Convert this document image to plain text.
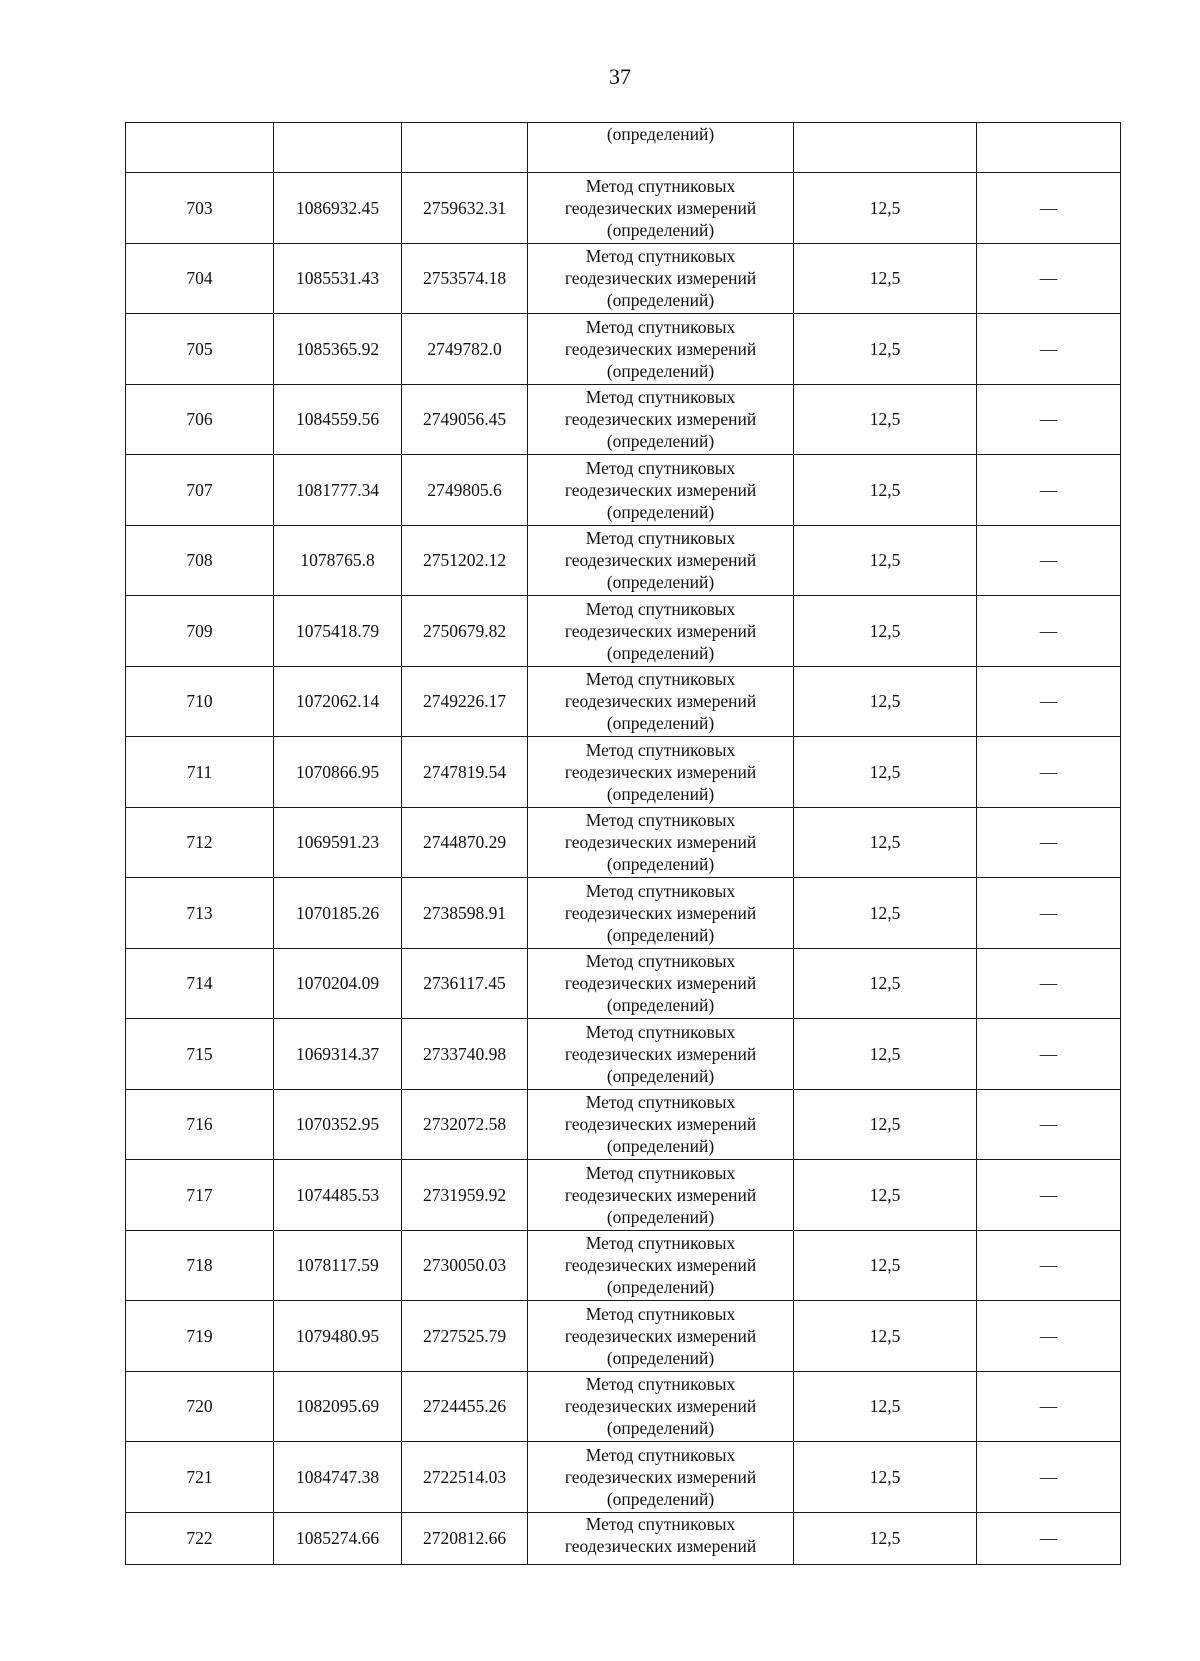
37

			(определений)		

703	1086932.45	2759632.31	Метод спутниковых
геодезических измерений
(определений)	12,5	—
704	1085531.43	2753574.18	Метод спутниковых
геодезических измерений
(определений)	12,5	—
705	1085365.92	2749782.0	Метод спутниковых
геодезических измерений
(определений)	12,5	—
706	1084559.56	2749056.45	Метод спутниковых
геодезических измерений
(определений)	12,5	—
707	1081777.34	2749805.6	Метод спутниковых
геодезических измерений
(определений)	12,5	—
708	1078765.8	2751202.12	Метод спутниковых
геодезических измерений
(определений)	12,5	—
709	1075418.79	2750679.82	Метод спутниковых
геодезических измерений
(определений)	12,5	—
710	1072062.14	2749226.17	Метод спутниковых
геодезических измерений
(определений)	12,5	—
711	1070866.95	2747819.54	Метод спутниковых
геодезических измерений
(определений)	12,5	—
712	1069591.23	2744870.29	Метод спутниковых
геодезических измерений
(определений)	12,5	—
713	1070185.26	2738598.91	Метод спутниковых
геодезических измерений
(определений)	12,5	—
714	1070204.09	2736117.45	Метод спутниковых
геодезических измерений
(определений)	12,5	—
715	1069314.37	2733740.98	Метод спутниковых
геодезических измерений
(определений)	12,5	—
716	1070352.95	2732072.58	Метод спутниковых
геодезических измерений
(определений)	12,5	—
717	1074485.53	2731959.92	Метод спутниковых
геодезических измерений
(определений)	12,5	—
718	1078117.59	2730050.03	Метод спутниковых
геодезических измерений
(определений)	12,5	—
719	1079480.95	2727525.79	Метод спутниковых
геодезических измерений
(определений)	12,5	—
720	1082095.69	2724455.26	Метод спутниковых
геодезических измерений
(определений)	12,5	—
721	1084747.38	2722514.03	Метод спутниковых
геодезических измерений
(определений)	12,5	—
722	1085274.66	2720812.66	Метод спутниковых
геодезических измерений	12,5	—
